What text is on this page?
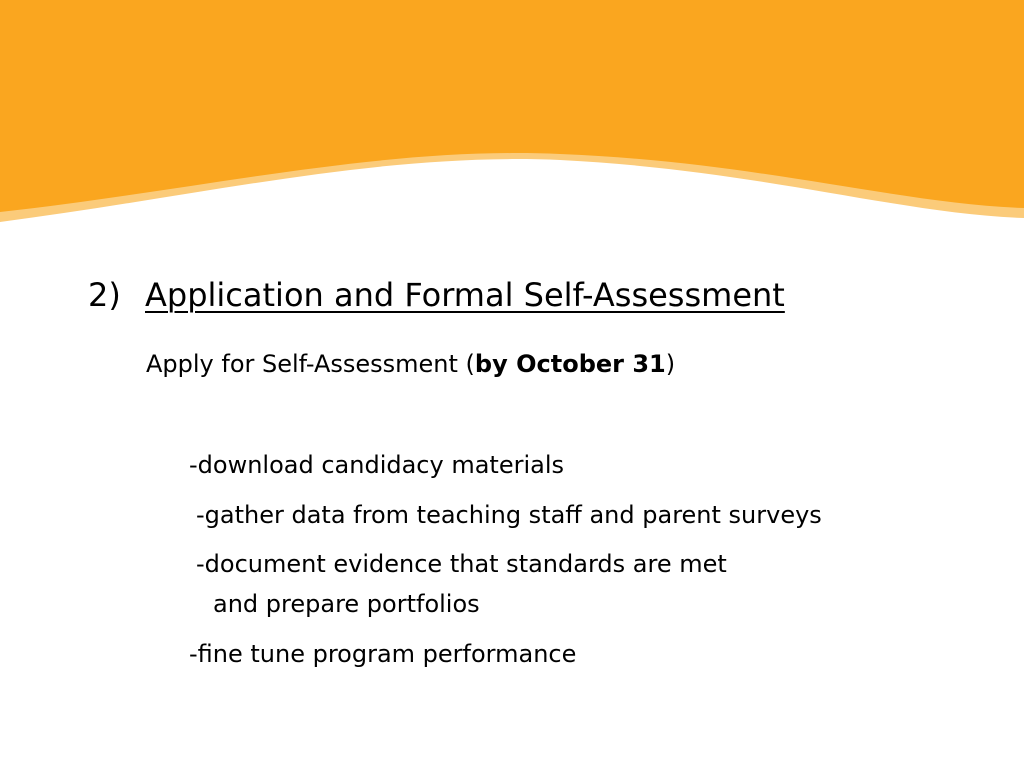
2) Application and Formal Self-Assessment
Apply for Self-Assessment (by October 31)
-download candidacy materials
-gather data from teaching staff and parent surveys
-document evidence that standards are met
and prepare portfolios
-fine tune program performance
